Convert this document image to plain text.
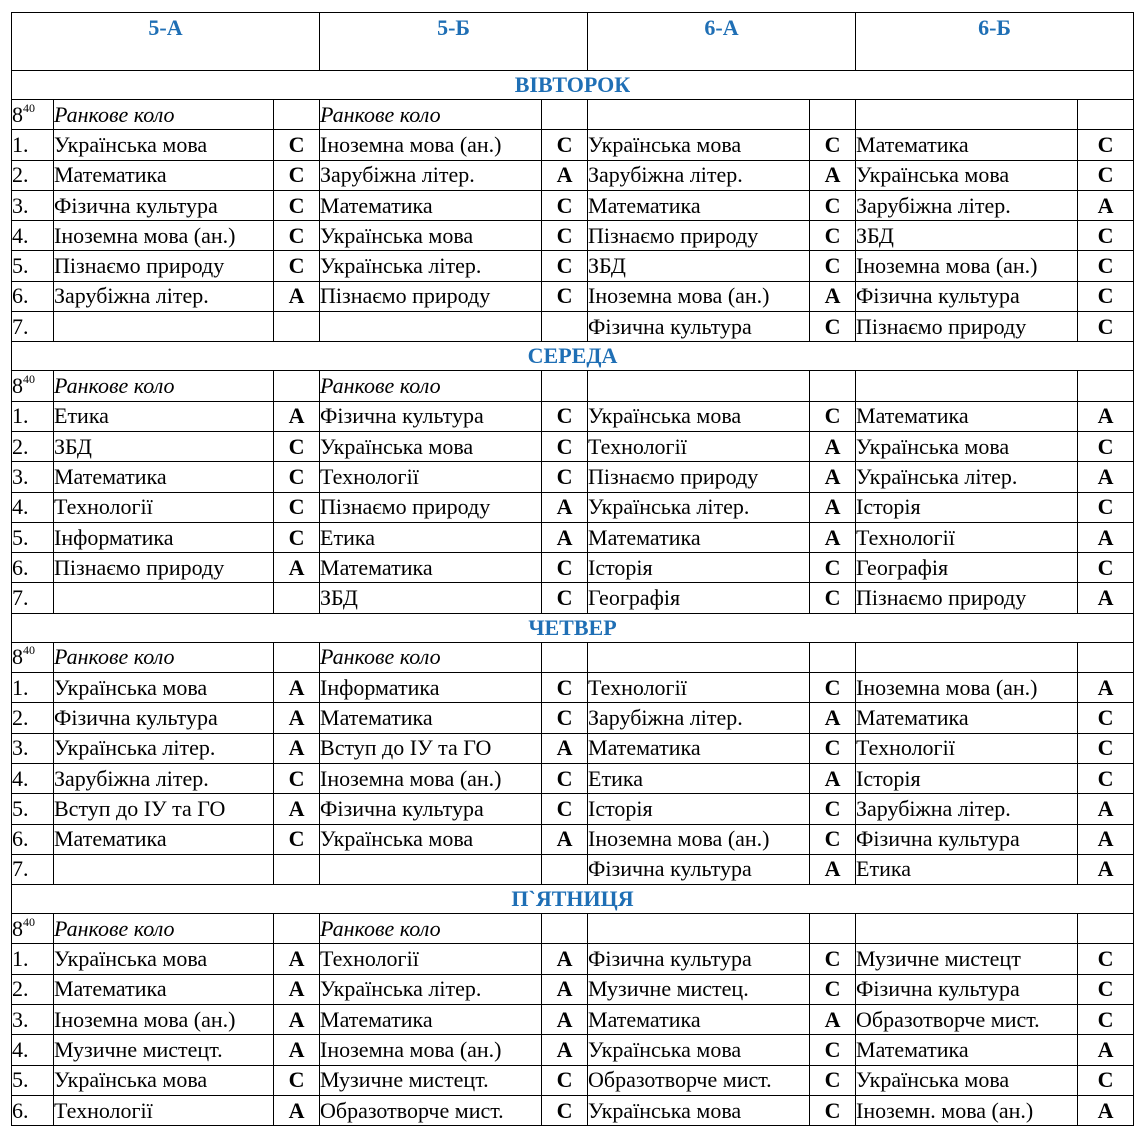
5-А			5-Б		6-А		6-Б	
ВІВТОРОК								
$8^{40}$	Ранкове коло		Ранкове коло					
1.	Українська мова	С	Іноземна мова (ан.)	С	Українська мова	С	Математика	С
2.	Математика	С	Зарубіжна літер.	А	Зарубіжна літер.	А	Українська мова	С
3.	Фізична культура	С	Математика	С	Математика	С	Зарубіжна літер.	А
4.	Іноземна мова (ан.)	С	Українська мова	С	Пізнаємо природу	С	ЗБД	С
5.	Пізнаємо природу	С	Українська літер.	С	ЗБД	С	Іноземна мова (ан.)	С
6.	Зарубіжна літер.	А	Пізнаємо природу	С	Іноземна мова (ан.)	А	Фізична культура	С
7.					Фізична культура	С	Пізнаємо природу	С
СЕРЕДА								
$8^{40}$	Ранкове коло		Ранкове коло					
1.	Етика	А	Фізична культура	С	Українська мова	С	Математика	А
2.	ЗБД	С	Українська мова	С	Технології	А	Українська мова	С
3.	Математика	С	Технології	С	Пізнаємо природу	А	Українська літер.	А
4.	Технології	С	Пізнаємо природу	А	Українська літер.	А	Історія	С
5.	Інформатика	С	Етика	А	Математика	А	Технології	А
6.	Пізнаємо природу	А	Математика	С	Історія	С	Географія	С
7.			ЗБД	С	Географія	С	Пізнаємо природу	А
ЧЕТВЕР								
$8^{40}$	Ранкове коло		Ранкове коло					
1.	Українська мова	А	Інформатика	С	Технології	С	Іноземна мова (ан.)	А
2.	Фізична культура	А	Математика	С	Зарубіжна літер.	А	Математика	С
3.	Українська літер.	А	Вступ до ІУ та ГО	А	Математика	С	Технології	С
4.	Зарубіжна літер.	С	Іноземна мова (ан.)	С	Етика	А	Історія	С
5.	Вступ до ІУ та ГО	А	Фізична культура	С	Історія	С	Зарубіжна літер.	А
6.	Математика	С	Українська мова	А	Іноземна мова (ан.)	С	Фізична культура	А
7.					Фізична культура	А	Етика	А
П`ЯТНИЦЯ								
$8^{40}$	Ранкове коло		Ранкове коло					
1.	Українська мова	А	Технології	А	Фізична культура	С	Музичне мистецт	С
2.	Математика	А	Українська літер.	А	Музичне мистец.	С	Фізична культура	С
3.	Іноземна мова (ан.)	А	Математика	А	Математика	А	Образотворче мист.	С
4.	Музичне мистецт.	А	Іноземна мова (ан.)	А	Українська мова	С	Математика	А
5.	Українська мова	С	Музичне мистецт.	С	Образотворче мист.	С	Українська мова	С
6.	Технології	А	Образотворче мист.	С	Українська мова	С	Іноземн. мова (ан.)	А
